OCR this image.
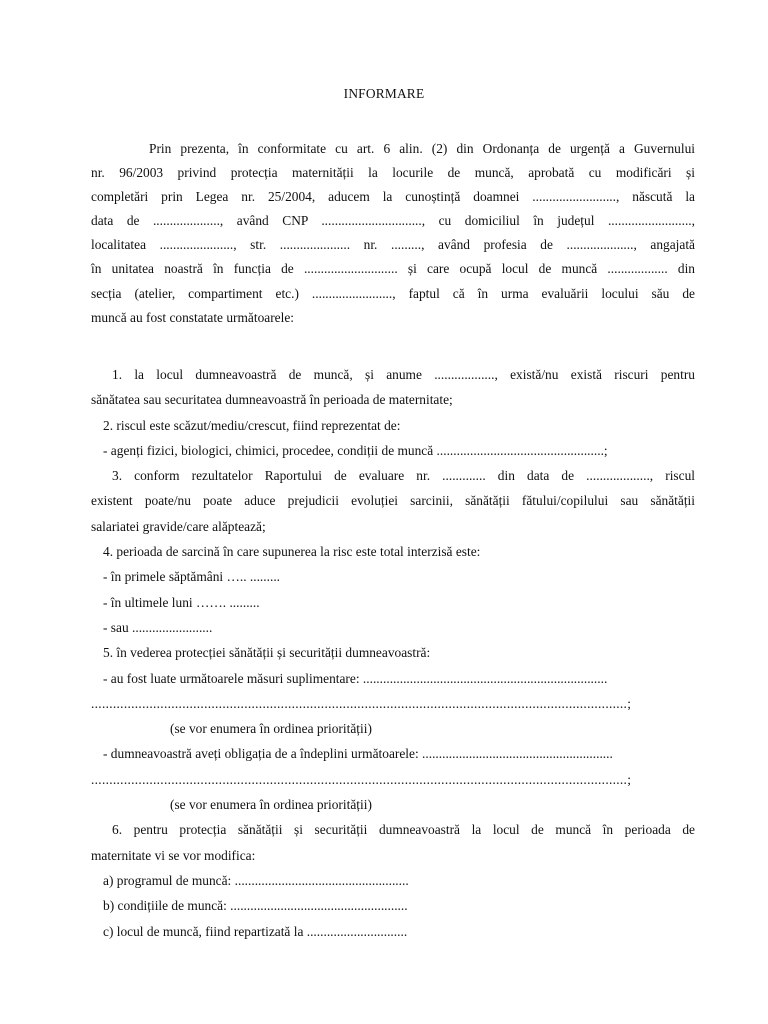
INFORMARE
Prin prezenta, în conformitate cu art. 6 alin. (2) din Ordonanța de urgență a Guvernului
nr. 96/2003 privind protecția maternității la locurile de muncă, aprobată cu modificări și
completări prin Legea nr. 25/2004, aducem la cunoștință doamnei ........................., născută la
data de ...................., având CNP .............................., cu domiciliul în județul .........................,
localitatea ......................, str. ..................... nr. ........., având profesia de ...................., angajată
în unitatea noastră în funcția de ............................ și care ocupă locul de muncă .................. din
secția (atelier, compartiment etc.) ........................, faptul că în urma evaluării locului său de
muncă au fost constatate următoarele:
1. la locul dumneavoastră de muncă, și anume .................., există/nu există riscuri pentru
sănătatea sau securitatea dumneavoastră în perioada de maternitate;
2. riscul este scăzut/mediu/crescut, fiind reprezentat de:
- agenți fizici, biologici, chimici, procedee, condiții de muncă ..................................................;
3. conform rezultatelor Raportului de evaluare nr. ............. din data de ..................., riscul
existent poate/nu poate aduce prejudicii evoluției sarcinii, sănătății fătului/copilului sau sănătății
salariatei gravide/care alăptează;
4. perioada de sarcină în care supunerea la risc este total interzisă este:
- în primele săptămâni ….. .........
- în ultimele luni ……. .........
- sau ........................
5. în vederea protecției sănătății și securității dumneavoastră:
- au fost luate următoarele măsuri suplimentare: .........................................................................
...................................................................................................................................................;
(se vor enumera în ordinea priorității)
- dumneavoastră aveți obligația de a îndeplini următoarele: .........................................................
...................................................................................................................................................;
(se vor enumera în ordinea priorității)
6. pentru protecția sănătății și securității dumneavoastră la locul de muncă în perioada de
maternitate vi se vor modifica:
a) programul de muncă: ....................................................
b) condițiile de muncă: .....................................................
c) locul de muncă, fiind repartizată la ..............................
